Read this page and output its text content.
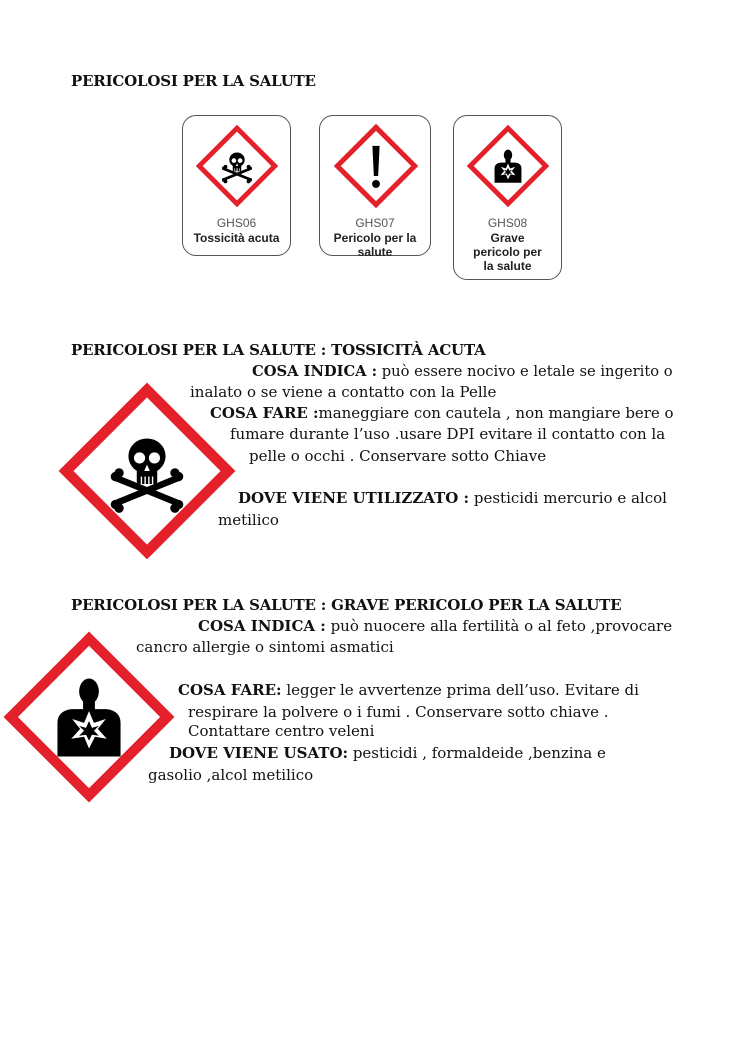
PERICOLOSI PER LA SALUTE
GHS06
Tossicità acuta
GHS07
Pericolo per la
salute
GHS08
Grave
pericolo per
la salute
PERICOLOSI PER LA SALUTE : TOSSICITÀ ACUTA
COSA INDICA : può essere nocivo e letale se ingerito o
inalato o se viene a contatto con la Pelle
COSA FARE :maneggiare con cautela , non mangiare bere o
fumare durante l’uso .usare DPI evitare il contatto con la
pelle o occhi . Conservare sotto Chiave
DOVE VIENE UTILIZZATO : pesticidi mercurio e alcol
metilico
PERICOLOSI PER LA SALUTE : GRAVE PERICOLO PER LA SALUTE
COSA INDICA : può nuocere alla fertilità o al feto ,provocare
cancro allergie o sintomi asmatici
COSA FARE: legger le avvertenze prima dell’uso. Evitare di
respirare la polvere o i fumi . Conservare sotto chiave .
Contattare centro veleni
DOVE VIENE USATO: pesticidi , formaldeide ,benzina e
gasolio ,alcol metilico
